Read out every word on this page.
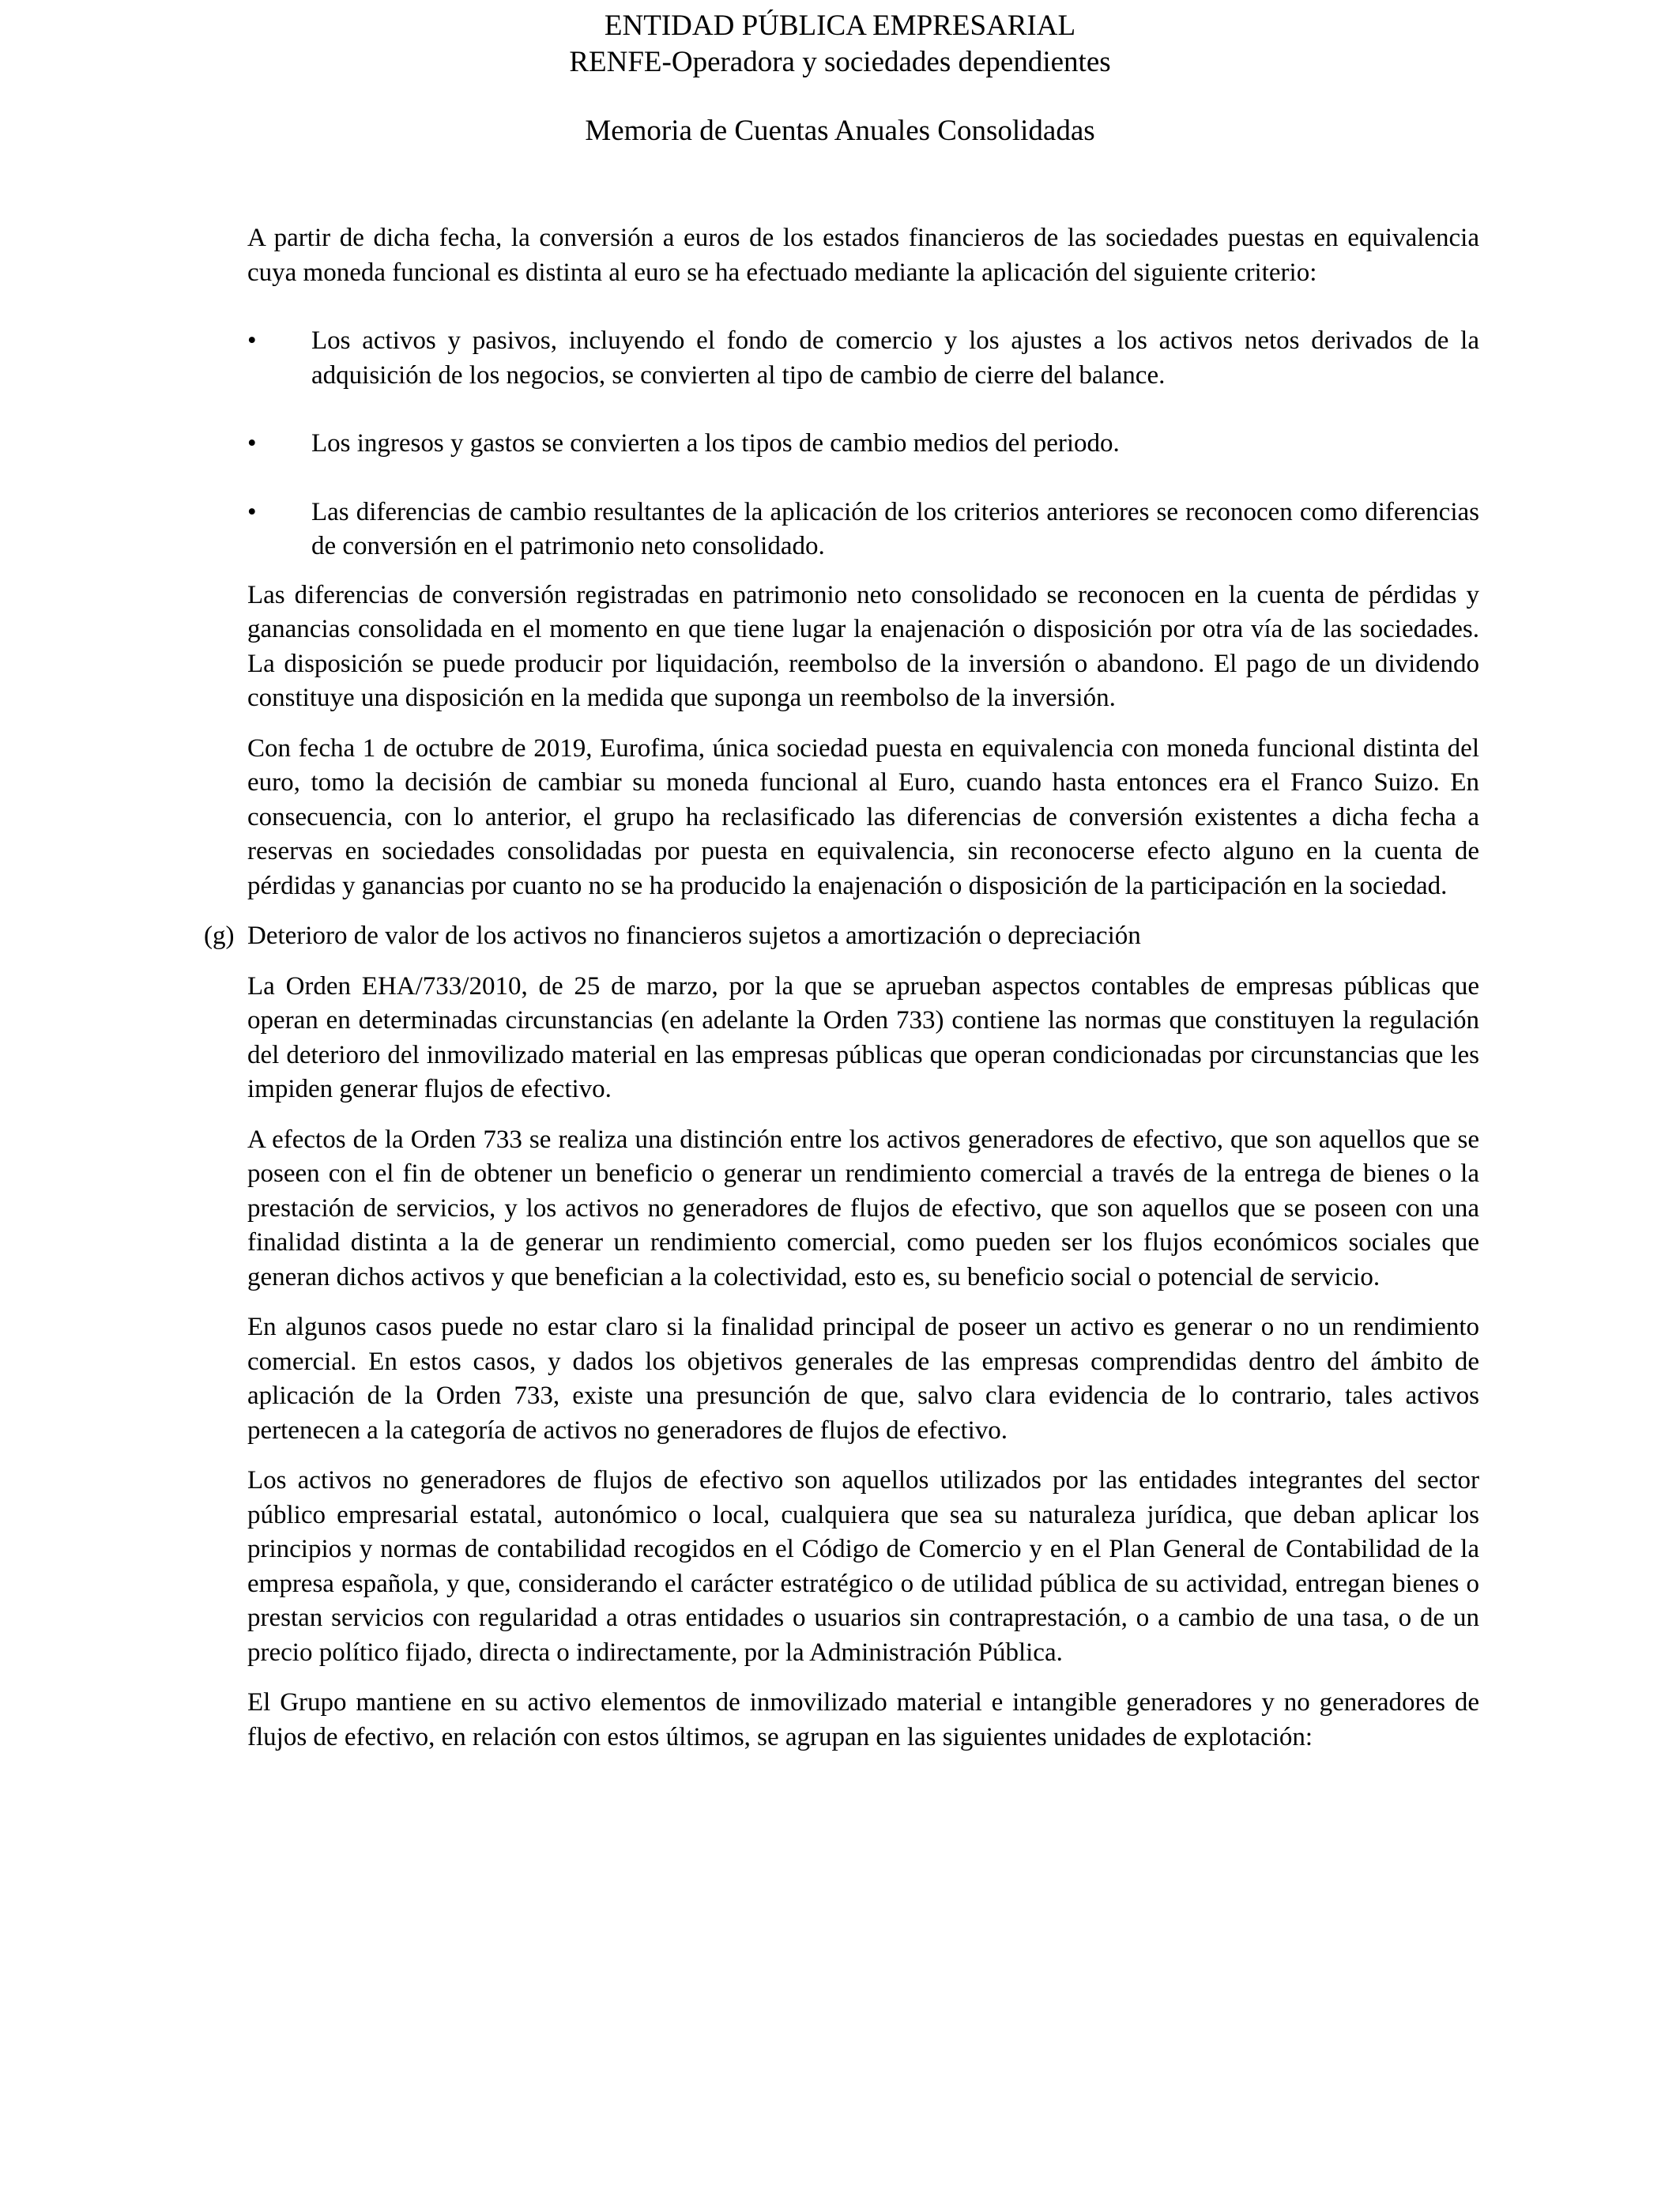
ENTIDAD PÚBLICA EMPRESARIAL
RENFE-Operadora y sociedades dependientes
Memoria de Cuentas Anuales Consolidadas

A partir de dicha fecha, la conversión a euros de los estados financieros de las sociedades puestas en equivalencia cuya moneda funcional es distinta al euro se ha efectuado mediante la aplicación del siguiente criterio:

• Los activos y pasivos, incluyendo el fondo de comercio y los ajustes a los activos netos derivados de la adquisición de los negocios, se convierten al tipo de cambio de cierre del balance.
• Los ingresos y gastos se convierten a los tipos de cambio medios del periodo.
• Las diferencias de cambio resultantes de la aplicación de los criterios anteriores se reconocen como diferencias de conversión en el patrimonio neto consolidado.

Las diferencias de conversión registradas en patrimonio neto consolidado se reconocen en la cuenta de pérdidas y ganancias consolidada en el momento en que tiene lugar la enajenación o disposición por otra vía de las sociedades. La disposición se puede producir por liquidación, reembolso de la inversión o abandono. El pago de un dividendo constituye una disposición en la medida que suponga un reembolso de la inversión.

Con fecha 1 de octubre de 2019, Eurofima, única sociedad puesta en equivalencia con moneda funcional distinta del euro, tomo la decisión de cambiar su moneda funcional al Euro, cuando hasta entonces era el Franco Suizo. En consecuencia, con lo anterior, el grupo ha reclasificado las diferencias de conversión existentes a dicha fecha a reservas en sociedades consolidadas por puesta en equivalencia, sin reconocerse efecto alguno en la cuenta de pérdidas y ganancias por cuanto no se ha producido la enajenación o disposición de la participación en la sociedad.

(g) Deterioro de valor de los activos no financieros sujetos a amortización o depreciación

La Orden EHA/733/2010, de 25 de marzo, por la que se aprueban aspectos contables de empresas públicas que operan en determinadas circunstancias (en adelante la Orden 733) contiene las normas que constituyen la regulación del deterioro del inmovilizado material en las empresas públicas que operan condicionadas por circunstancias que les impiden generar flujos de efectivo.

A efectos de la Orden 733 se realiza una distinción entre los activos generadores de efectivo, que son aquellos que se poseen con el fin de obtener un beneficio o generar un rendimiento comercial a través de la entrega de bienes o la prestación de servicios, y los activos no generadores de flujos de efectivo, que son aquellos que se poseen con una finalidad distinta a la de generar un rendimiento comercial, como pueden ser los flujos económicos sociales que generan dichos activos y que benefician a la colectividad, esto es, su beneficio social o potencial de servicio.

En algunos casos puede no estar claro si la finalidad principal de poseer un activo es generar o no un rendimiento comercial. En estos casos, y dados los objetivos generales de las empresas comprendidas dentro del ámbito de aplicación de la Orden 733, existe una presunción de que, salvo clara evidencia de lo contrario, tales activos pertenecen a la categoría de activos no generadores de flujos de efectivo.

Los activos no generadores de flujos de efectivo son aquellos utilizados por las entidades integrantes del sector público empresarial estatal, autonómico o local, cualquiera que sea su naturaleza jurídica, que deban aplicar los principios y normas de contabilidad recogidos en el Código de Comercio y en el Plan General de Contabilidad de la empresa española, y que, considerando el carácter estratégico o de utilidad pública de su actividad, entregan bienes o prestan servicios con regularidad a otras entidades o usuarios sin contraprestación, o a cambio de una tasa, o de un precio político fijado, directa o indirectamente, por la Administración Pública.

El Grupo mantiene en su activo elementos de inmovilizado material e intangible generadores y no generadores de flujos de efectivo, en relación con estos últimos, se agrupan en las siguientes unidades de explotación:
